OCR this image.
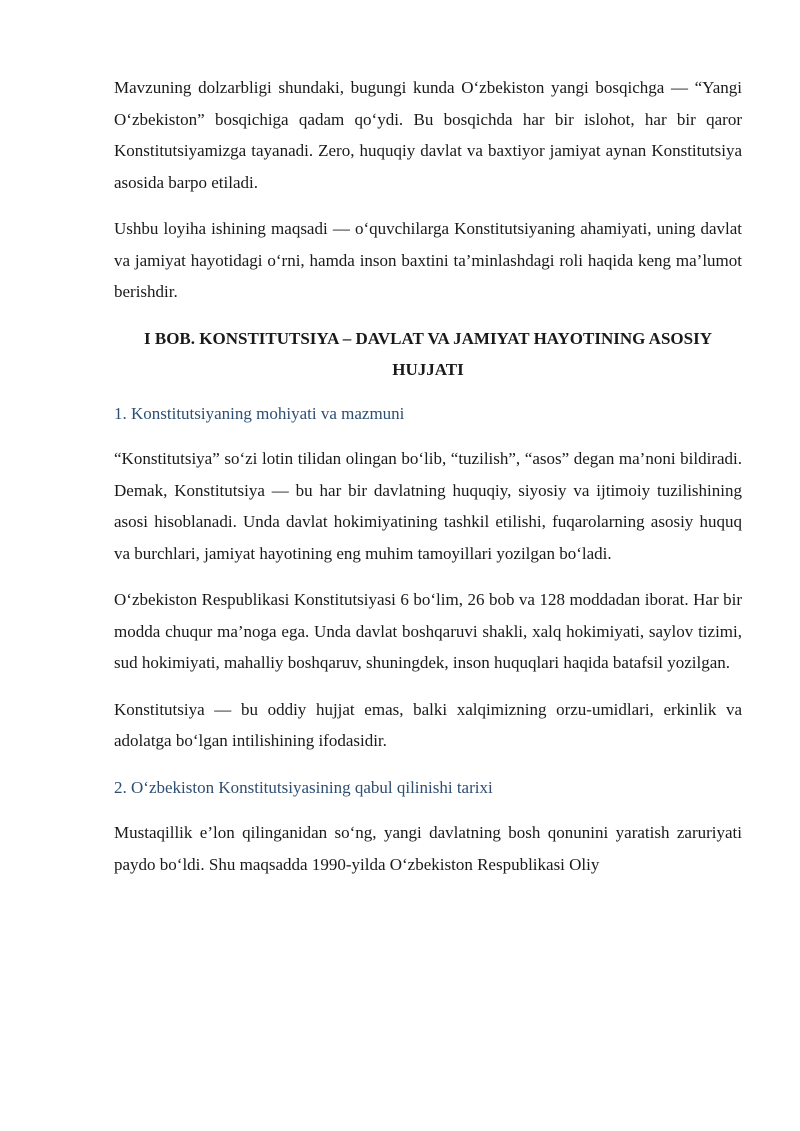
Mavzuning dolzarbligi shundaki, bugungi kunda O‘zbekiston yangi bosqichga — “Yangi O‘zbekiston” bosqichiga qadam qo‘ydi. Bu bosqichda har bir islohot, har bir qaror Konstitutsiyamizga tayanadi. Zero, huquqiy davlat va baxtiyor jamiyat aynan Konstitutsiya asosida barpo etiladi.

Ushbu loyiha ishining maqsadi — o‘quvchilarga Konstitutsiyaning ahamiyati, uning davlat va jamiyat hayotidagi o‘rni, hamda inson baxtini ta’minlashdagi roli haqida keng ma’lumot berishdir.

I BOB. KONSTITUTSIYA – DAVLAT VA JAMIYAT HAYOTINING ASOSIY HUJJATI
1. Konstitutsiyaning mohiyati va mazmuni

“Konstitutsiya” so‘zi lotin tilidan olingan bo‘lib, “tuzilish”, “asos” degan ma’noni bildiradi. Demak, Konstitutsiya — bu har bir davlatning huquqiy, siyosiy va ijtimoiy tuzilishining asosi hisoblanadi. Unda davlat hokimiyatining tashkil etilishi, fuqarolarning asosiy huquq va burchlari, jamiyat hayotining eng muhim tamoyillari yozilgan bo‘ladi.

O‘zbekiston Respublikasi Konstitutsiyasi 6 bo‘lim, 26 bob va 128 moddadan iborat. Har bir modda chuqur ma’noga ega. Unda davlat boshqaruvi shakli, xalq hokimiyati, saylov tizimi, sud hokimiyati, mahalliy boshqaruv, shuningdek, inson huquqlari haqida batafsil yozilgan.

Konstitutsiya — bu oddiy hujjat emas, balki xalqimizning orzu-umidlari, erkinlik va adolatga bo‘lgan intilishining ifodasidir.

2. O‘zbekiston Konstitutsiyasining qabul qilinishi tarixi

Mustaqillik e’lon qilinganidan so‘ng, yangi davlatning bosh qonunini yaratish zaruriyati paydo bo‘ldi. Shu maqsadda 1990-yilda O‘zbekiston Respublikasi Oliy
